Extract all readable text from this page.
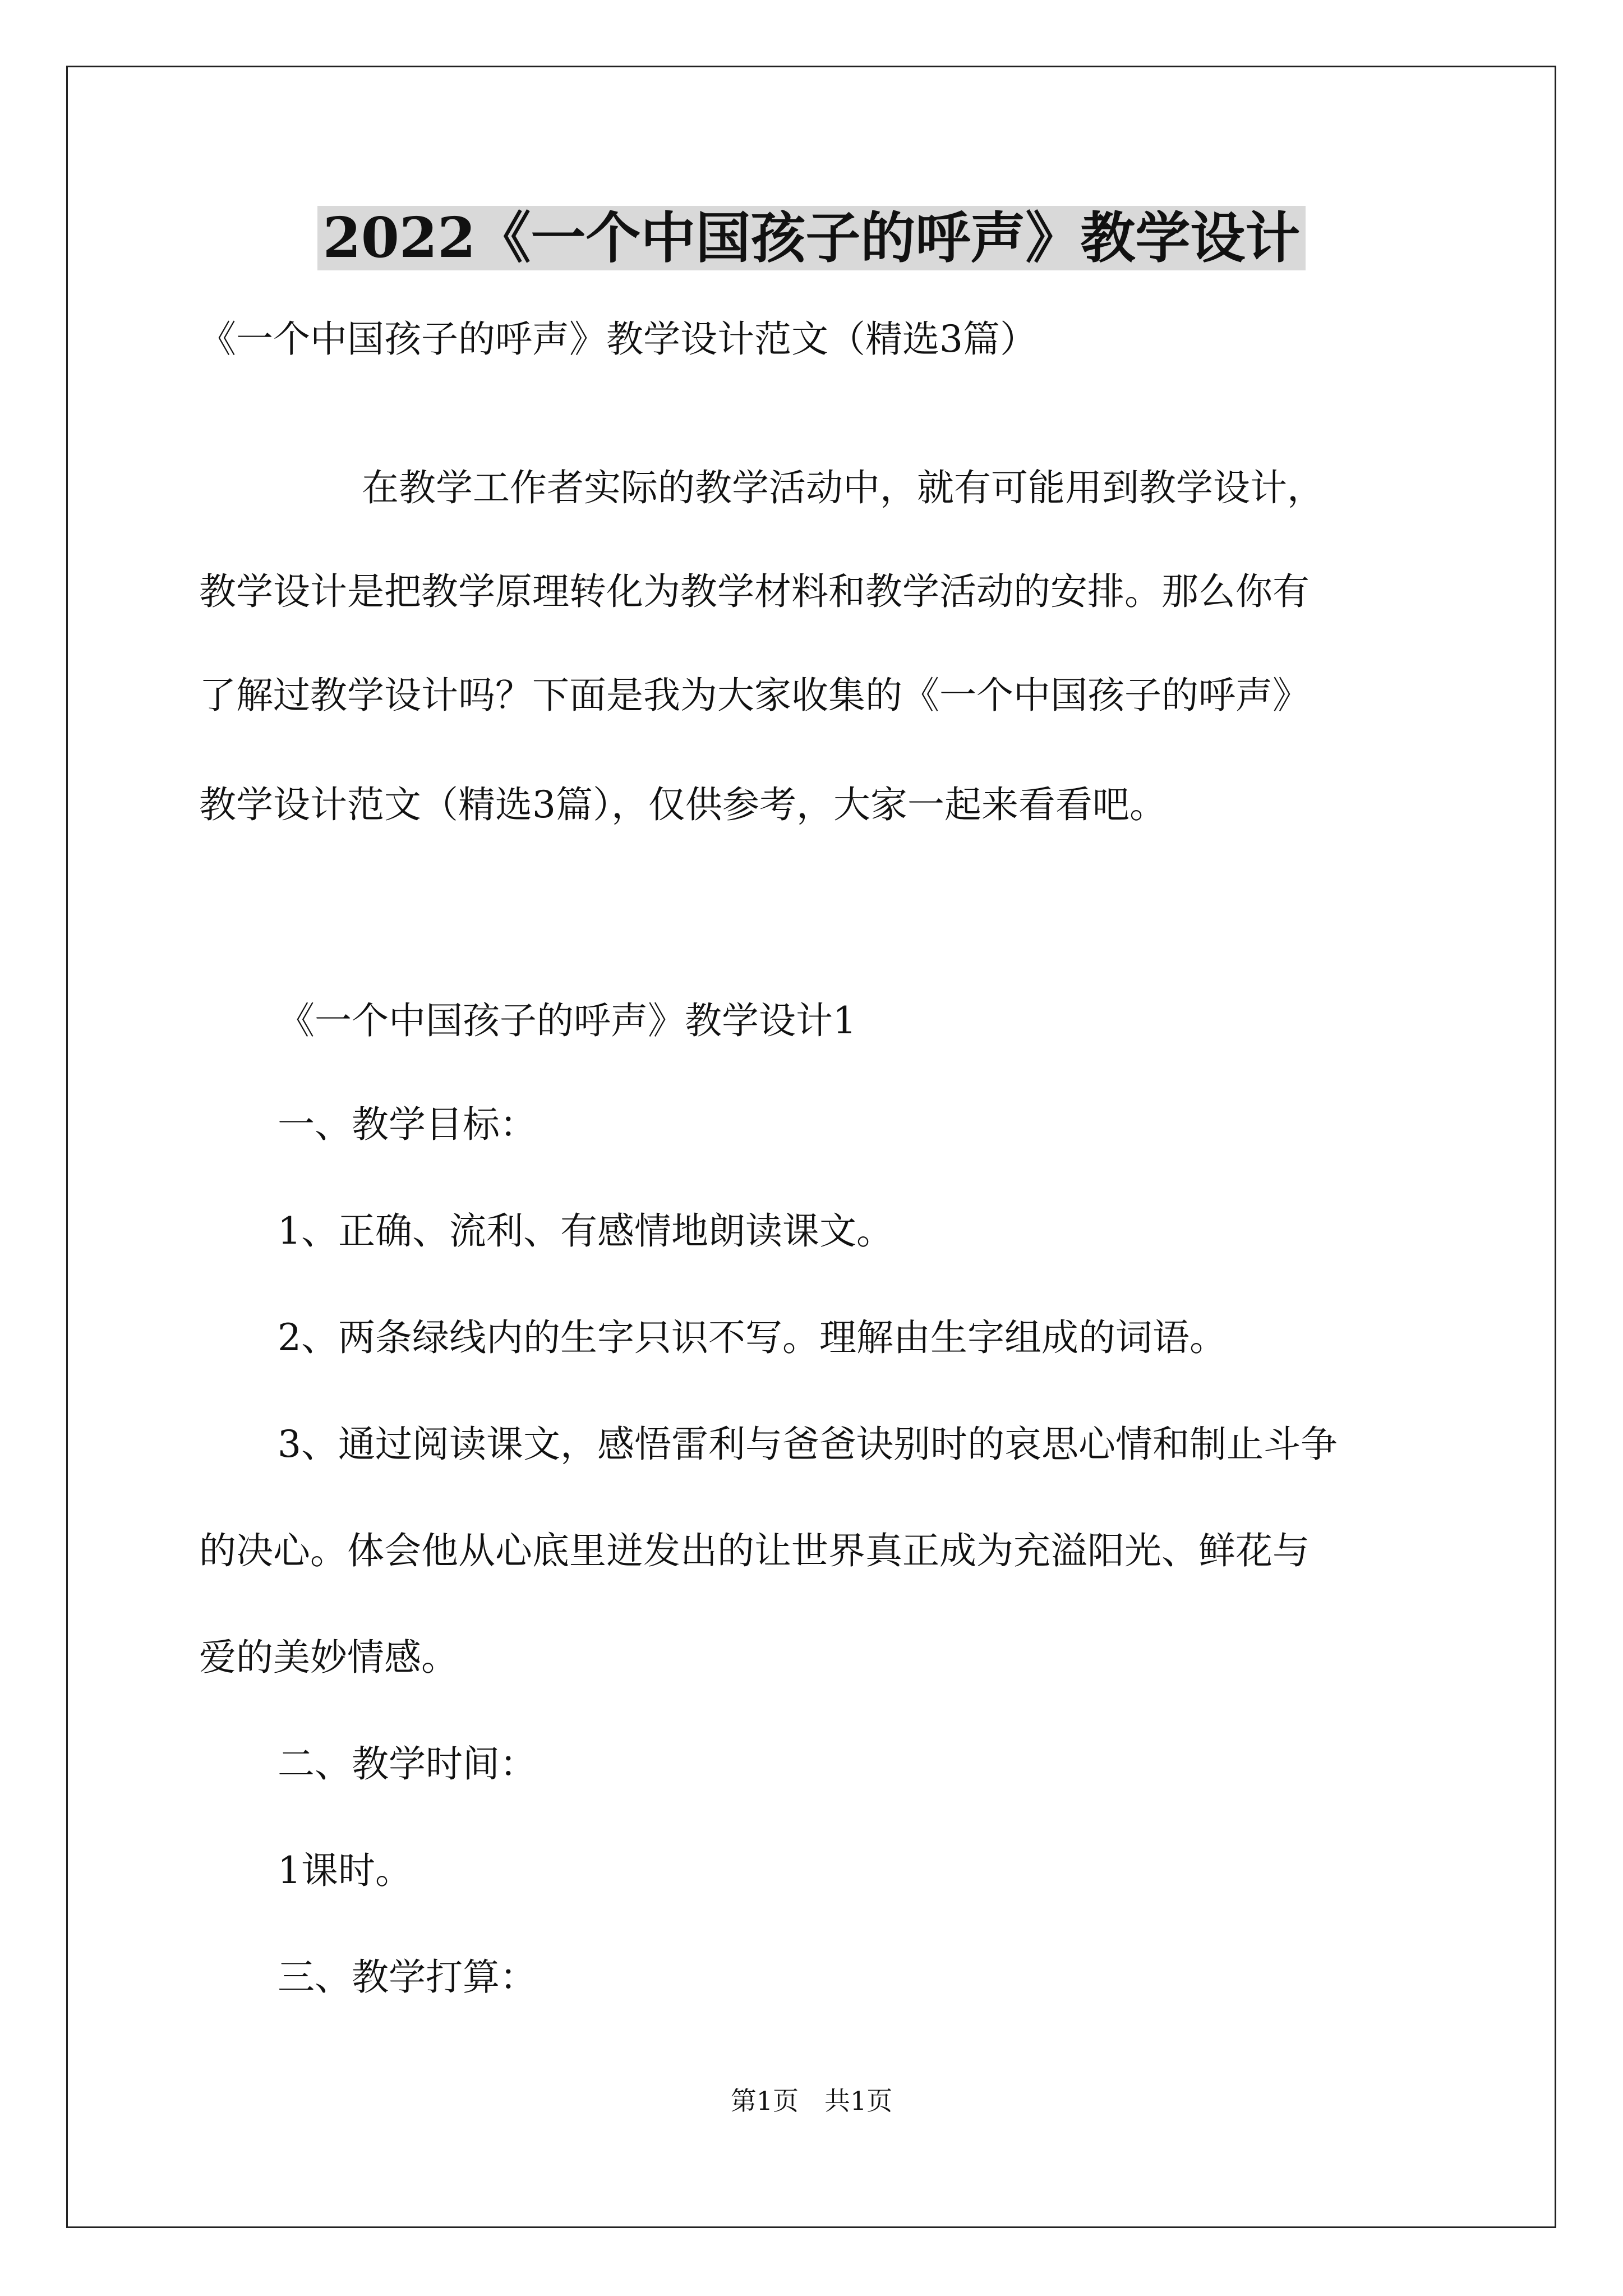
2022《一个中国孩子的呼声》教学设计
《一个中国孩子的呼声》教学设计范文（精选3篇）
在教学工作者实际的教学活动中，就有可能用到教学设计，
教学设计是把教学原理转化为教学材料和教学活动的安排。那么你有
了解过教学设计吗？下面是我为大家收集的《一个中国孩子的呼声》
教学设计范文（精选3篇），仅供参考，大家一起来看看吧。
《一个中国孩子的呼声》教学设计1
一、教学目标：
1、正确、流利、有感情地朗读课文。
2、两条绿线内的生字只识不写。理解由生字组成的词语。
3、通过阅读课文，感悟雷利与爸爸诀别时的哀思心情和制止斗争
的决心。体会他从心底里迸发出的让世界真正成为充溢阳光、鲜花与
爱的美妙情感。
二、教学时间：
1课时。
三、教学打算：
第1页　共1页
